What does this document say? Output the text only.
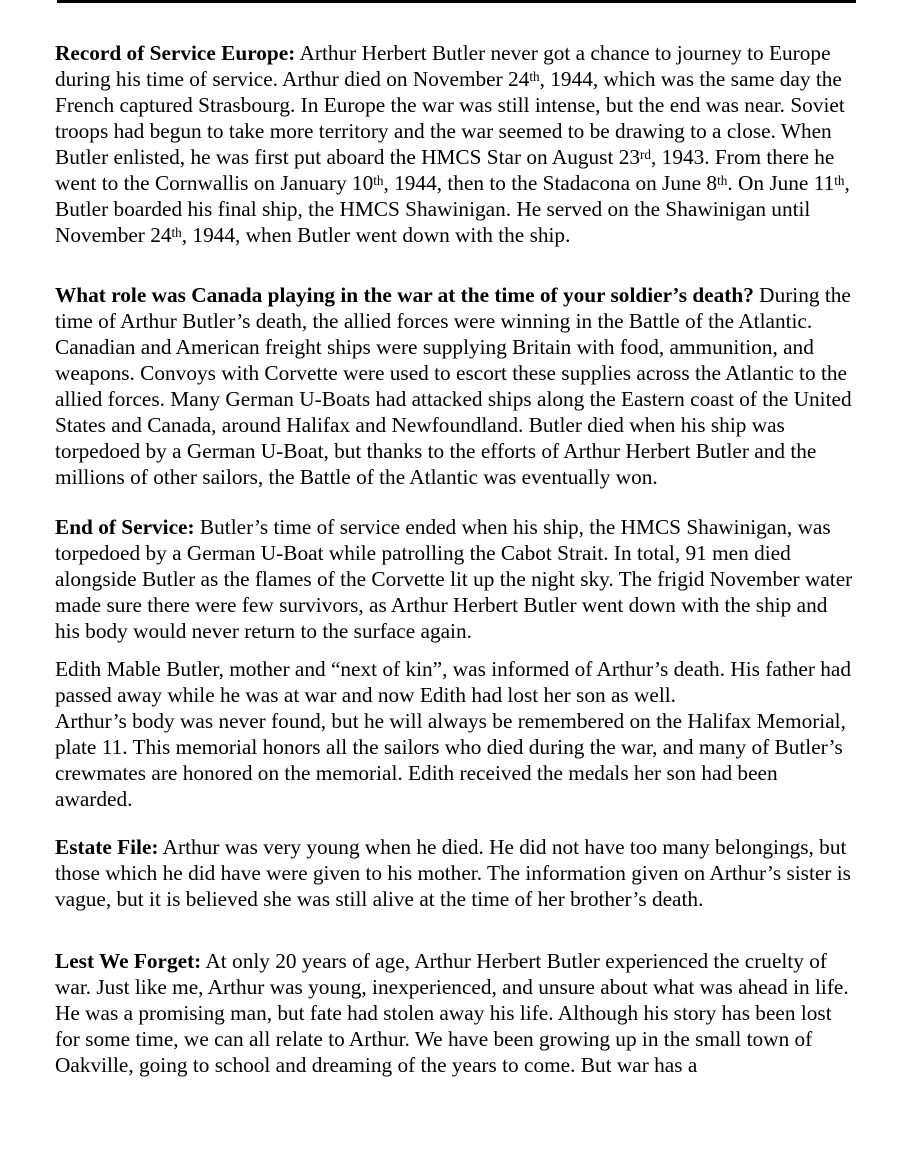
Record of Service Europe: Arthur Herbert Butler never got a chance to journey to Europe during his time of service. Arthur died on November 24th, 1944, which was the same day the French captured Strasbourg. In Europe the war was still intense, but the end was near. Soviet troops had begun to take more territory and the war seemed to be drawing to a close. When Butler enlisted, he was first put aboard the HMCS Star on August 23rd, 1943. From there he went to the Cornwallis on January 10th, 1944, then to the Stadacona on June 8th. On June 11th, Butler boarded his final ship, the HMCS Shawinigan. He served on the Shawinigan until November 24th, 1944, when Butler went down with the ship.

What role was Canada playing in the war at the time of your soldier’s death? During the time of Arthur Butler’s death, the allied forces were winning in the Battle of the Atlantic. Canadian and American freight ships were supplying Britain with food, ammunition, and weapons. Convoys with Corvette were used to escort these supplies across the Atlantic to the allied forces. Many German U-Boats had attacked ships along the Eastern coast of the United States and Canada, around Halifax and Newfoundland. Butler died when his ship was torpedoed by a German U-Boat, but thanks to the efforts of Arthur Herbert Butler and the millions of other sailors, the Battle of the Atlantic was eventually won.

End of Service: Butler’s time of service ended when his ship, the HMCS Shawinigan, was torpedoed by a German U-Boat while patrolling the Cabot Strait. In total, 91 men died alongside Butler as the flames of the Corvette lit up the night sky. The frigid November water made sure there were few survivors, as Arthur Herbert Butler went down with the ship and his body would never return to the surface again.

Edith Mable Butler, mother and “next of kin”, was informed of Arthur’s death. His father had passed away while he was at war and now Edith had lost her son as well.
Arthur’s body was never found, but he will always be remembered on the Halifax Memorial, plate 11. This memorial honors all the sailors who died during the war, and many of Butler’s crewmates are honored on the memorial. Edith received the medals her son had been awarded.

Estate File: Arthur was very young when he died. He did not have too many belongings, but those which he did have were given to his mother. The information given on Arthur’s sister is vague, but it is believed she was still alive at the time of her brother’s death.

Lest We Forget: At only 20 years of age, Arthur Herbert Butler experienced the cruelty of war. Just like me, Arthur was young, inexperienced, and unsure about what was ahead in life. He was a promising man, but fate had stolen away his life. Although his story has been lost for some time, we can all relate to Arthur. We have been growing up in the small town of Oakville, going to school and dreaming of the years to come. But war has a
